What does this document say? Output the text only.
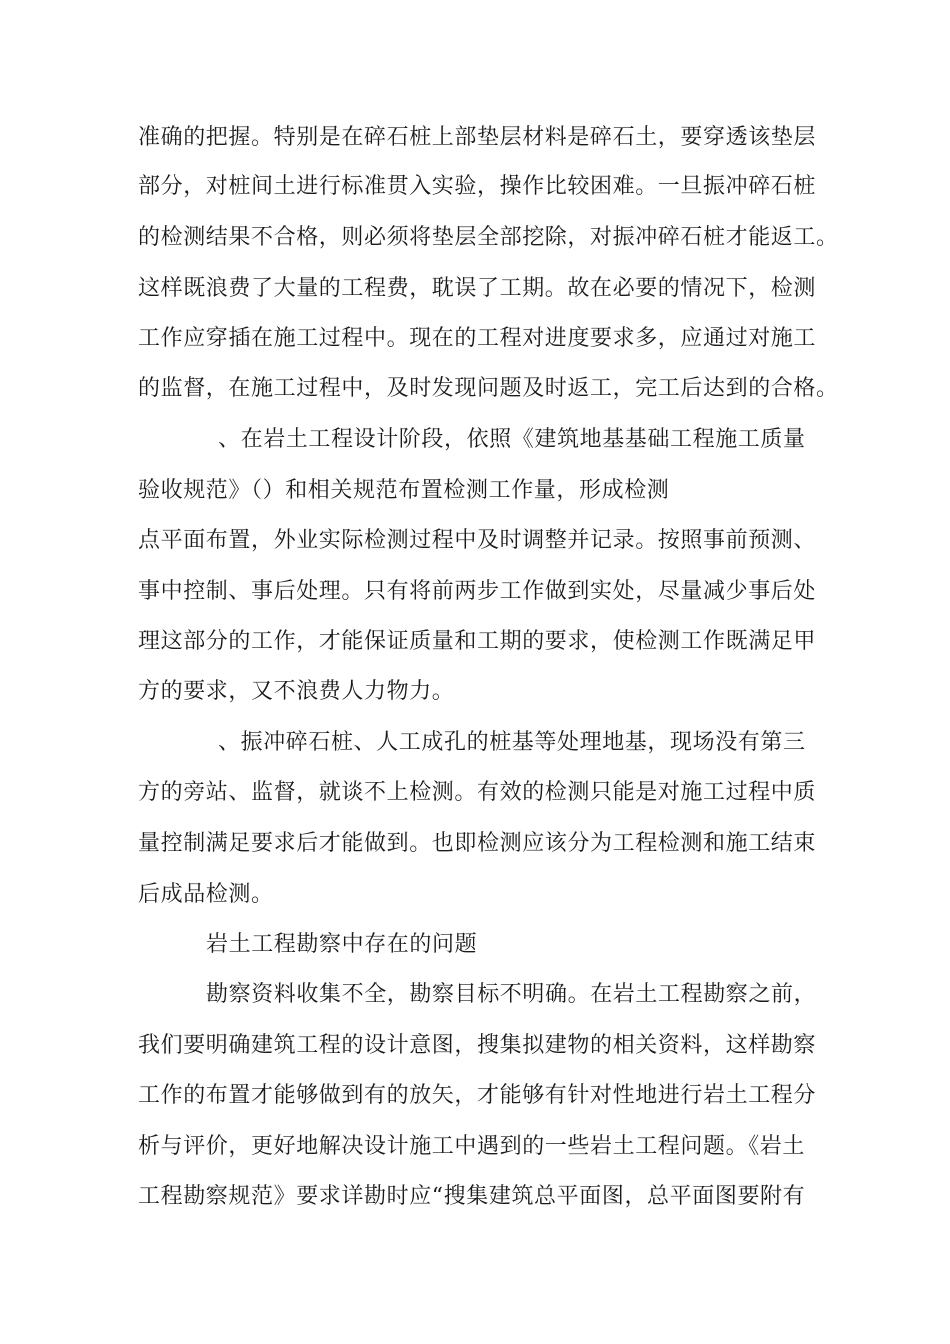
准确的把握。特别是在碎石桩上部垫层材料是碎石土，要穿透该垫层
部分，对桩间土进行标准贯入实验，操作比较困难。一旦振冲碎石桩
的检测结果不合格，则必须将垫层全部挖除，对振冲碎石桩才能返工。
这样既浪费了大量的工程费，耽误了工期。故在必要的情况下，检测
工作应穿插在施工过程中。现在的工程对进度要求多，应通过对施工
的监督，在施工过程中，及时发现问题及时返工，完工后达到的合格。
、在岩土工程设计阶段，依照《建筑地基基础工程施工质量
验收规范》（）和相关规范布置检测工作量，形成检测
点平面布置，外业实际检测过程中及时调整并记录。按照事前预测、
事中控制、事后处理。只有将前两步工作做到实处，尽量减少事后处
理这部分的工作，才能保证质量和工期的要求，使检测工作既满足甲
方的要求，又不浪费人力物力。
、振冲碎石桩、人工成孔的桩基等处理地基，现场没有第三
方的旁站、监督，就谈不上检测。有效的检测只能是对施工过程中质
量控制满足要求后才能做到。也即检测应该分为工程检测和施工结束
后成品检测。
岩土工程勘察中存在的问题
勘察资料收集不全，勘察目标不明确。在岩土工程勘察之前，
我们要明确建筑工程的设计意图，搜集拟建物的相关资料，这样勘察
工作的布置才能够做到有的放矢，才能够有针对性地进行岩土工程分
析与评价，更好地解决设计施工中遇到的一些岩土工程问题。《岩土
工程勘察规范》要求详勘时应“搜集建筑总平面图，总平面图要附有
